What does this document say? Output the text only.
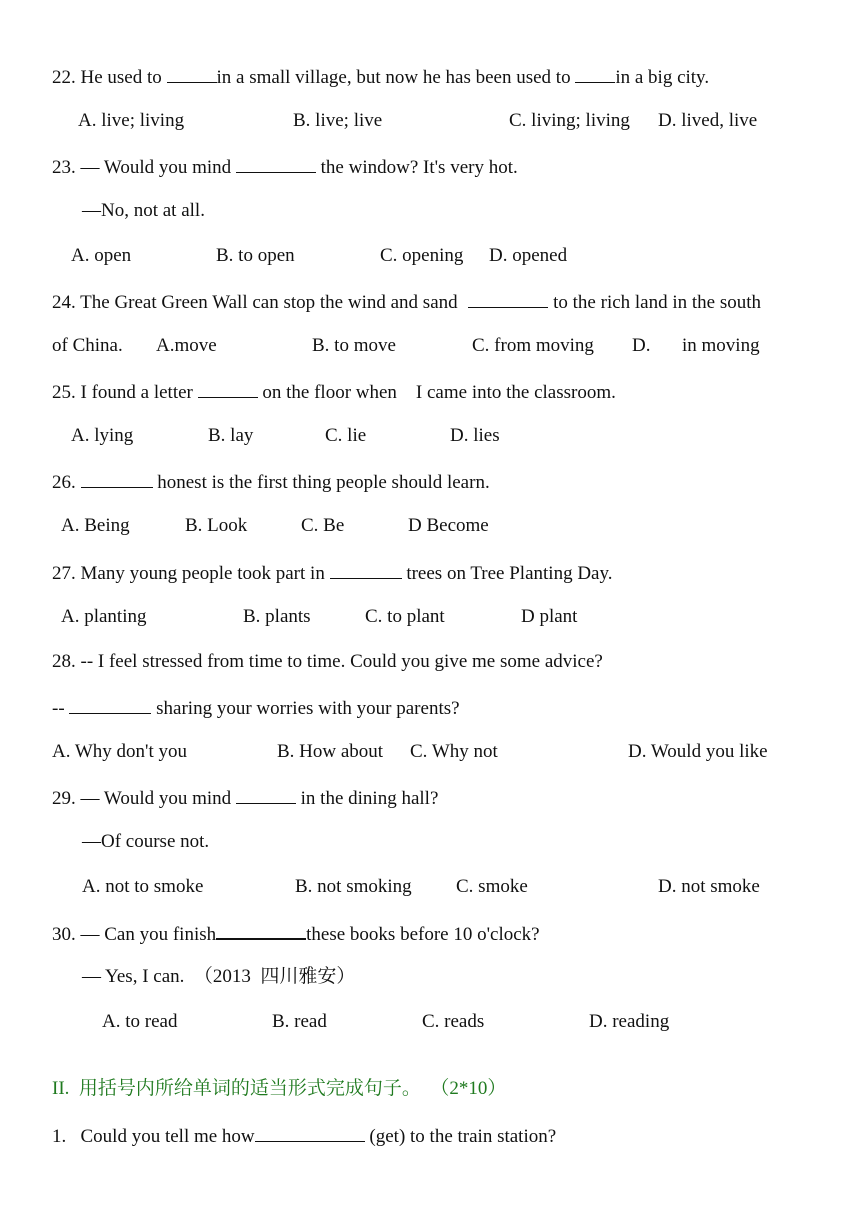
22. He used to	in a small village, but now he has been used to in a big city.
A. live; living	B. live; live	C. living; living D. lived, live
23. — Would you mind	the window? It's very hot.
—No, not at all.
A. open	B. to open	C. opening D. opened
24. The Great Green Wall can stop the wind and sand	to the rich land in the south
of China. A.move	B. to move	C. from moving D. in moving
25. I found a letter	on the floor when    I came into the classroom.
A. lying	B. lay	C. lie	D. lies
26.	honest is the first thing people should learn.
A. Being	B. Look	C. Be	D Become
27. Many young people took part in	trees on Tree Planting Day.
A. planting	B. plants	C. to plant	D plant
28. -- I feel stressed from time to time. Could you give me some advice?
--	sharing your worries with your parents?
A. Why don't you	B. How about C. Why not	D. Would you like
29. — Would you mind	in the dining hall?
—Of course not.
A. not to smoke	B. not smoking C. smoke	D. not smoke
30. — Can you finish	these books before 10 o'clock?
— Yes, I can.  （2013  四川雅安）
A. to read	B. read	C. reads	D. reading
II.  用括号内所给单词的适当形式完成句子。  （2*10）
1.   Could you tell me how	(get) to the train station?
